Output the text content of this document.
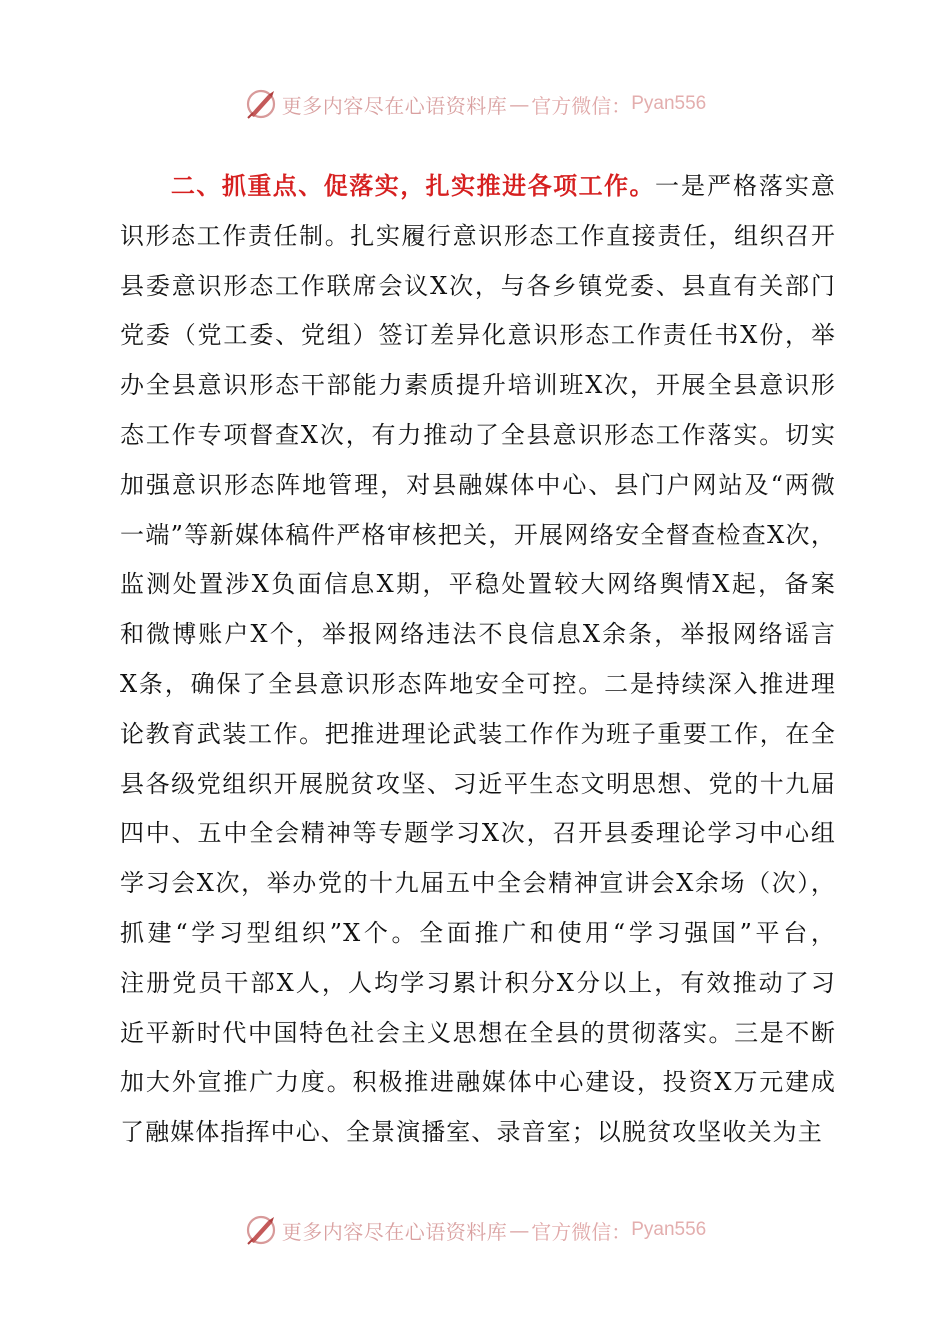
更多内容尽在心语资料库 — 官方微信： Pyan556
二、抓重点、促落实，扎实推进各项工作。一是严格落实意
识形态工作责任制。扎实履行意识形态工作直接责任，组织召开
县委意识形态工作联席会议X次，与各乡镇党委、县直有关部门
党委（党工委、党组）签订差异化意识形态工作责任书X份，举
办全县意识形态干部能力素质提升培训班X次，开展全县意识形
态工作专项督查X次，有力推动了全县意识形态工作落实。切实
加强意识形态阵地管理，对县融媒体中心、县门户网站及“两微
一端”等新媒体稿件严格审核把关，开展网络安全督查检查X次，
监测处置涉X负面信息X期，平稳处置较大网络舆情X起，备案
和微博账户X个，举报网络违法不良信息X余条，举报网络谣言
X条，确保了全县意识形态阵地安全可控。二是持续深入推进理
论教育武装工作。把推进理论武装工作作为班子重要工作，在全
县各级党组织开展脱贫攻坚、习近平生态文明思想、党的十九届
四中、五中全会精神等专题学习X次，召开县委理论学习中心组
学习会X次，举办党的十九届五中全会精神宣讲会X余场（次），
抓建“学习型组织”X个。全面推广和使用“学习强国”平台，
注册党员干部X人，人均学习累计积分X分以上，有效推动了习
近平新时代中国特色社会主义思想在全县的贯彻落实。三是不断
加大外宣推广力度。积极推进融媒体中心建设，投资X万元建成
了融媒体指挥中心、全景演播室、录音室；以脱贫攻坚收关为主
更多内容尽在心语资料库 — 官方微信： Pyan556
